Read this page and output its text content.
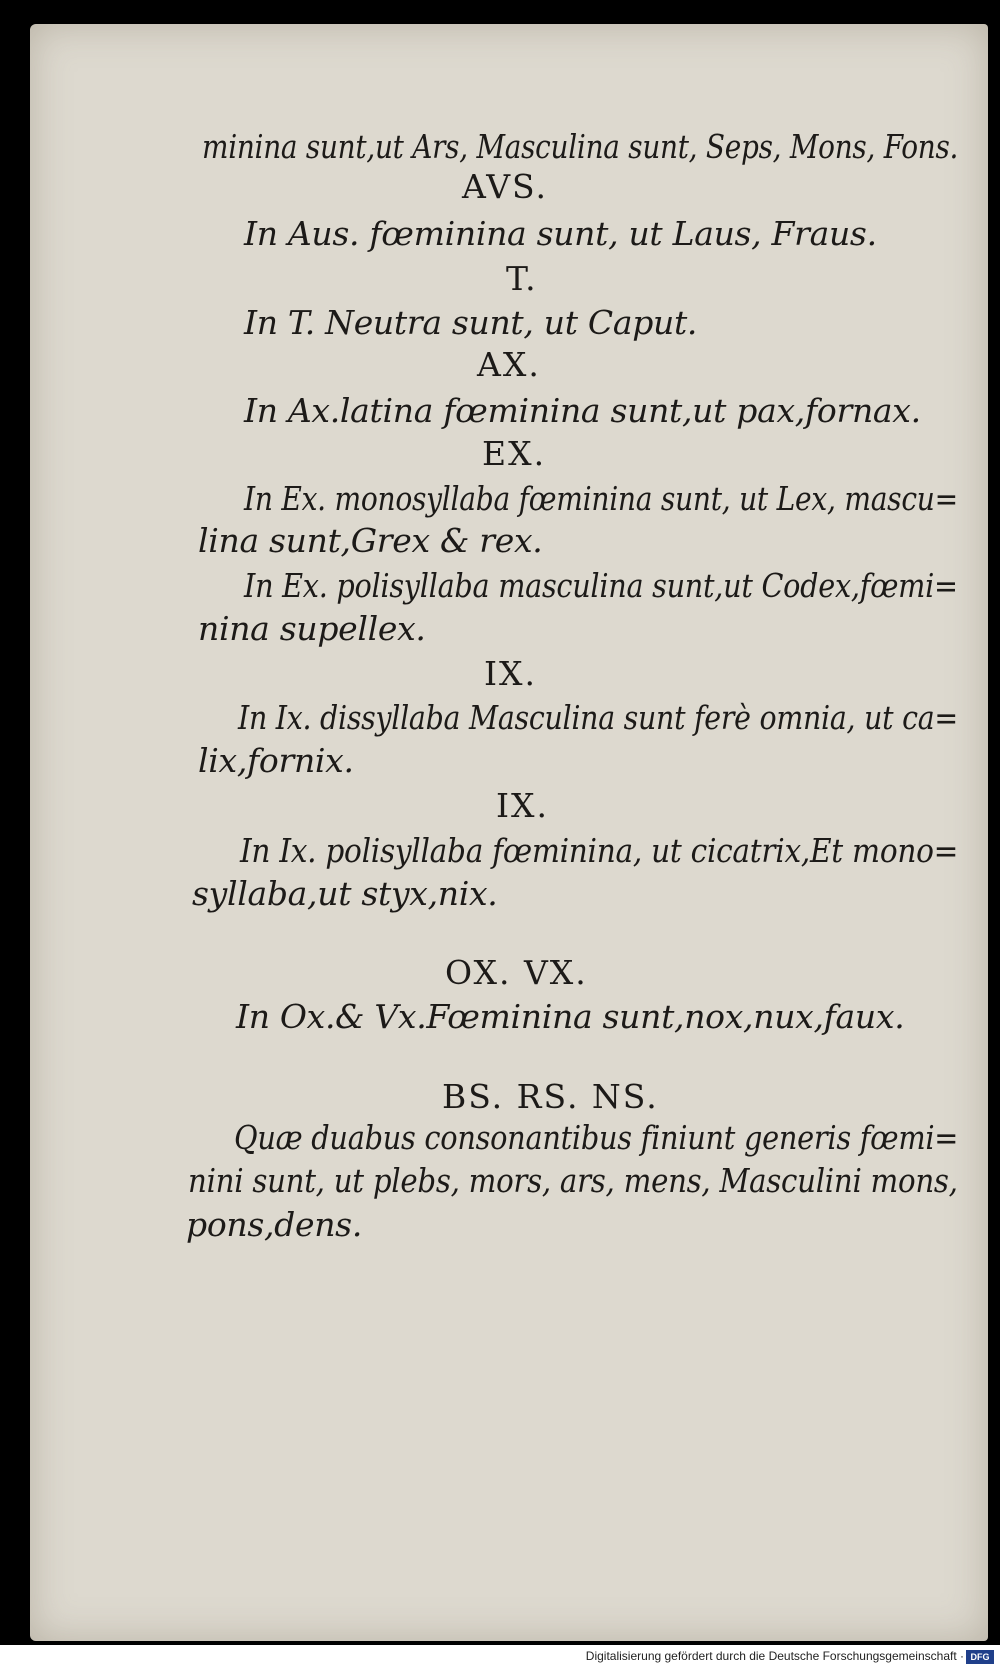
minina sunt,ut Ars, Masculina sunt, Seps, Mons, Fons.
AVS.
In Aus. fœminina sunt, ut Laus, Fraus.
T.
In T. Neutra sunt, ut Caput.
AX.
In Ax.latina fœminina sunt,ut pax,fornax.
EX.
In Ex. monosyllaba fœminina sunt, ut Lex, mascu=
lina sunt,Grex & rex.
In Ex. polisyllaba masculina sunt,ut Codex,fœmi=
nina supellex.
IX.
In Ix. dissyllaba Masculina sunt ferè omnia, ut ca=
lix,fornix.
IX.
In Ix. polisyllaba fœminina, ut cicatrix,Et mono=
syllaba,ut styx,nix.
OX. VX.
In Ox.& Vx.Fœminina sunt,nox,nux,faux.
BS. RS. NS.
Quæ duabus consonantibus finiunt generis fœmi=
nini sunt, ut plebs, mors, ars, mens, Masculini mons,
pons,dens.
Digitalisierung gefördert durch die Deutsche Forschungsgemeinschaft · DFG
